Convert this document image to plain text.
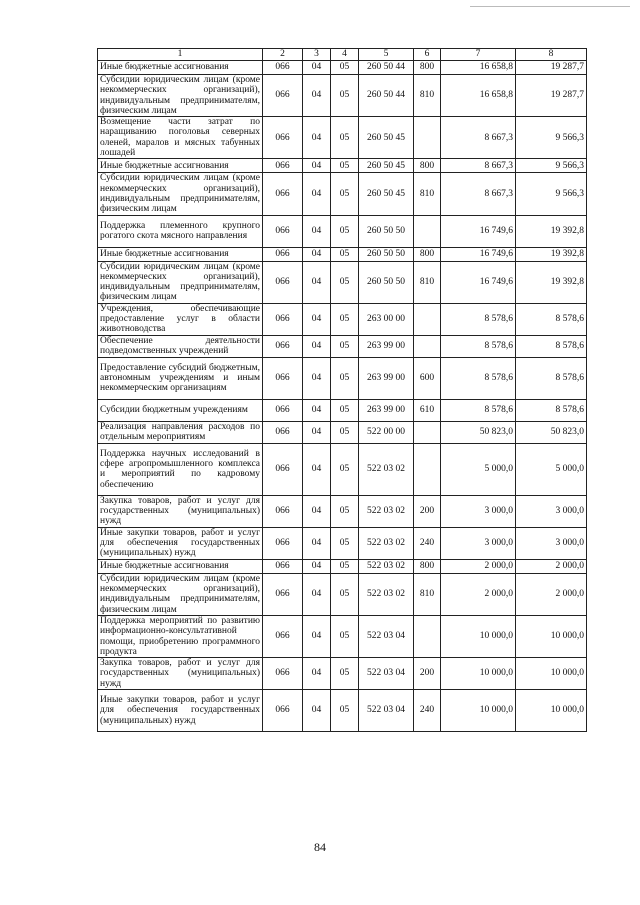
1	2	3	4	5	6	7	8
Иные бюджетные ассигнования	066	04	05	260 50 44	800	16 658,8	19 287,7
Субсидии юридическим лицам (кроме некоммерческих организаций), индивидуальным предпринимателям, физическим лицам	066	04	05	260 50 44	810	16 658,8	19 287,7
Возмещение части затрат по наращиванию поголовья северных оленей, маралов и мясных табунных лошадей	066	04	05	260 50 45		8 667,3	9 566,3
Иные бюджетные ассигнования	066	04	05	260 50 45	800	8 667,3	9 566,3
Субсидии юридическим лицам (кроме некоммерческих организаций), индивидуальным предпринимателям, физическим лицам	066	04	05	260 50 45	810	8 667,3	9 566,3
Поддержка племенного крупного рогатого скота мясного направления	066	04	05	260 50 50		16 749,6	19 392,8
Иные бюджетные ассигнования	066	04	05	260 50 50	800	16 749,6	19 392,8
Субсидии юридическим лицам (кроме некоммерческих организаций), индивидуальным предпринимателям, физическим лицам	066	04	05	260 50 50	810	16 749,6	19 392,8
Учреждения, обеспечивающие предоставление услуг в области животноводства	066	04	05	263 00 00		8 578,6	8 578,6
Обеспечение деятельности подведомственных учреждений	066	04	05	263 99 00		8 578,6	8 578,6
Предоставление субсидий бюджетным, автономным учреждениям и иным некоммерческим организациям	066	04	05	263 99 00	600	8 578,6	8 578,6
Субсидии бюджетным учреждениям	066	04	05	263 99 00	610	8 578,6	8 578,6
Реализация направления расходов по отдельным мероприятиям	066	04	05	522 00 00		50 823,0	50 823,0
Поддержка научных исследований в сфере агропромышленного комплекса и мероприятий по кадровому обеспечению	066	04	05	522 03 02		5 000,0	5 000,0
Закупка товаров, работ и услуг для государственных (муниципальных) нужд	066	04	05	522 03 02	200	3 000,0	3 000,0
Иные закупки товаров, работ и услуг для обеспечения государственных (муниципальных) нужд	066	04	05	522 03 02	240	3 000,0	3 000,0
Иные бюджетные ассигнования	066	04	05	522 03 02	800	2 000,0	2 000,0
Субсидии юридическим лицам (кроме некоммерческих организаций), индивидуальным предпринимателям, физическим лицам	066	04	05	522 03 02	810	2 000,0	2 000,0
Поддержка мероприятий по развитию информационно-консультативной помощи, приобретению программного продукта	066	04	05	522 03 04		10 000,0	10 000,0
Закупка товаров, работ и услуг для государственных (муниципальных) нужд	066	04	05	522 03 04	200	10 000,0	10 000,0
Иные закупки товаров, работ и услуг для обеспечения государственных (муниципальных) нужд	066	04	05	522 03 04	240	10 000,0	10 000,0
84
